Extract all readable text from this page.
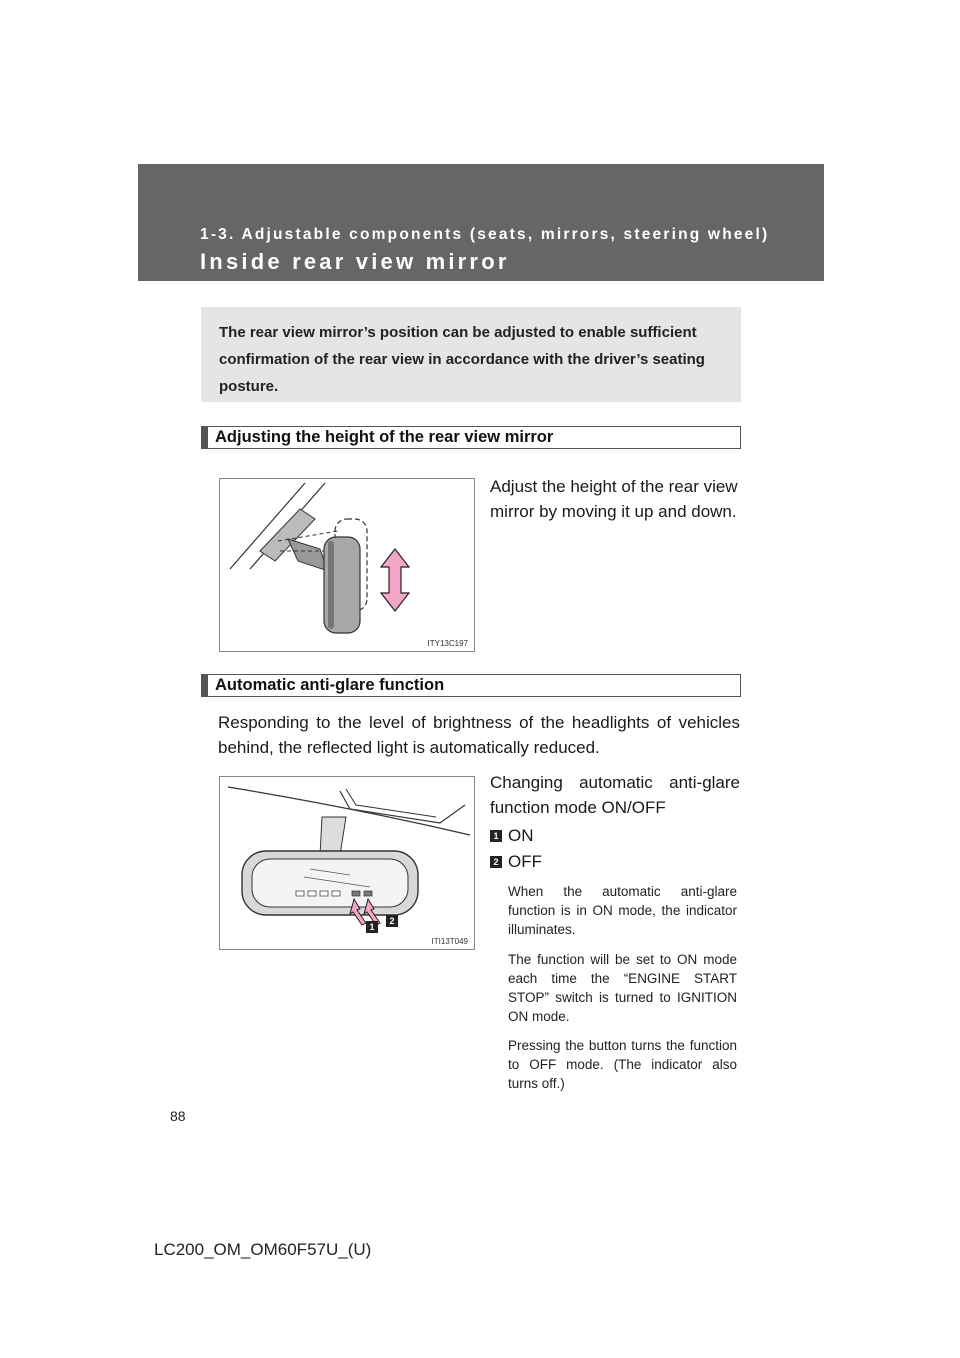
1-3. Adjustable components (seats, mirrors, steering wheel)
Inside rear view mirror
The rear view mirror’s position can be adjusted to enable sufficient confirmation of the rear view in accordance with the driver’s seating posture.
Adjusting the height of the rear view mirror
ITY13C197
Adjust the height of the rear view mirror by moving it up and down.
Automatic anti-glare function
Responding to the level of brightness of the headlights of vehicles behind, the reflected light is automatically reduced.
1
2
ITI13T049
Changing automatic anti-glare function mode ON/OFF
1 ON
2 OFF
When the automatic anti-glare function is in ON mode, the indicator illuminates.
The function will be set to ON mode each time the “ENGINE START STOP” switch is turned to IGNITION ON mode.
Pressing the button turns the function to OFF mode. (The indicator also turns off.)
88
LC200_OM_OM60F57U_(U)
